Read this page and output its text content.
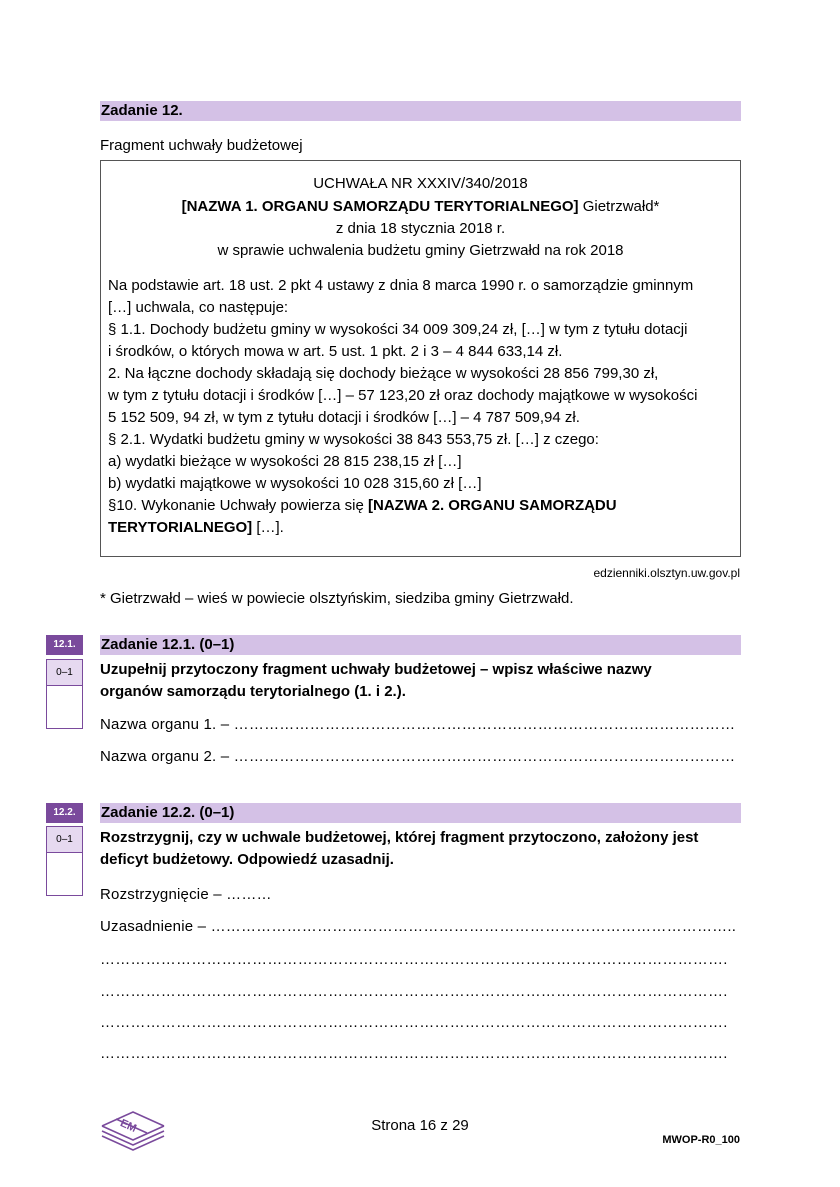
Zadanie 12.
Fragment uchwały budżetowej
UCHWAŁA NR XXXIV/340/2018
[NAZWA 1. ORGANU SAMORZĄDU TERYTORIALNEGO] Gietrzwałd*
z dnia 18 stycznia 2018 r.
w sprawie uchwalenia budżetu gminy Gietrzwałd na rok 2018
Na podstawie art. 18 ust. 2 pkt 4 ustawy z dnia 8 marca 1990 r. o samorządzie gminnym
[…] uchwala, co następuje:
§ 1.1. Dochody budżetu gminy w wysokości 34 009 309,24 zł, […] w tym z tytułu dotacji
i środków, o których mowa w art. 5 ust. 1 pkt. 2 i 3 – 4 844 633,14 zł.
2. Na łączne dochody składają się dochody bieżące w wysokości 28 856 799,30 zł,
w tym z tytułu dotacji i środków […] – 57 123,20 zł oraz dochody majątkowe w wysokości
5 152 509, 94 zł, w tym z tytułu dotacji i środków […] – 4 787 509,94 zł.
§ 2.1. Wydatki budżetu gminy w wysokości 38 843 553,75 zł. […] z czego:
a) wydatki bieżące w wysokości 28 815 238,15 zł […]
b) wydatki majątkowe w wysokości 10 028 315,60 zł […]
§10. Wykonanie Uchwały powierza się [NAZWA 2. ORGANU SAMORZĄDU
TERYTORIALNEGO] […].
edzienniki.olsztyn.uw.gov.pl
* Gietrzwałd – wieś w powiecie olsztyńskim, siedziba gminy Gietrzwałd.
12.1.
0–1
Zadanie 12.1. (0–1)
Uzupełnij przytoczony fragment uchwały budżetowej – wpisz właściwe nazwy
organów samorządu terytorialnego (1. i 2.).
Nazwa organu 1. – ………………………………………………………………………………………
Nazwa organu 2. – ………………………………………………………………………………………
12.2.
0–1
Zadanie 12.2. (0–1)
Rozstrzygnij, czy w uchwale budżetowej, której fragment przytoczono, założony jest
deficyt budżetowy. Odpowiedź uzasadnij.
Rozstrzygnięcie – ………
Uzasadnienie – …………………………………………………………………………………………..
…………………………………………………………………………………………………………….
…………………………………………………………………………………………………………….
…………………………………………………………………………………………………………….
…………………………………………………………………………………………………………….
EM	Strona 16 z 29
MWOP-R0_100
